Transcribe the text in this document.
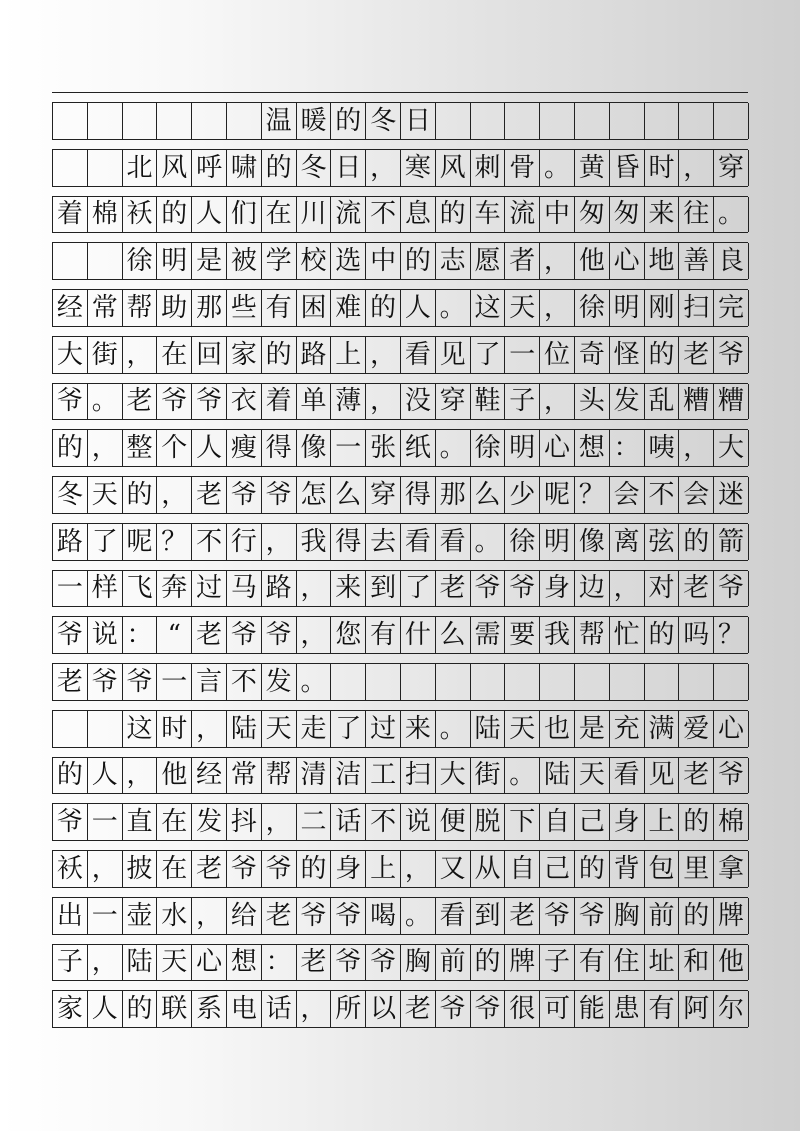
温 暖 的 冬 日
北 风 呼 啸 的 冬 日 ， 寒 风 刺 骨 。 黄 昏 时 ， 穿
着 棉 袄 的 人 们 在 川 流 不 息 的 车 流 中 匆 匆 来 往 。
徐 明 是 被 学 校 选 中 的 志 愿 者 ， 他 心 地 善 良
经 常 帮 助 那 些 有 困 难 的 人 。 这 天 ， 徐 明 刚 扫 完
大 街 ， 在 回 家 的 路 上 ， 看 见 了 一 位 奇 怪 的 老 爷
爷 。 老 爷 爷 衣 着 单 薄 ， 没 穿 鞋 子 ， 头 发 乱 糟 糟
的 ， 整 个 人 瘦 得 像 一 张 纸 。 徐 明 心 想 ： 咦 ， 大
冬 天 的 ， 老 爷 爷 怎 么 穿 得 那 么 少 呢 ？ 会 不 会 迷
路 了 呢 ？ 不 行 ， 我 得 去 看 看 。 徐 明 像 离 弦 的 箭
一 样 飞 奔 过 马 路 ， 来 到 了 老 爷 爷 身 边 ， 对 老 爷
爷 说 ： “ 老 爷 爷 ， 您 有 什 么 需 要 我 帮 忙 的 吗 ？
老 爷 爷 一 言 不 发 。
这 时 ， 陆 天 走 了 过 来 。 陆 天 也 是 充 满 爱 心
的 人 ， 他 经 常 帮 清 洁 工 扫 大 街 。 陆 天 看 见 老 爷
爷 一 直 在 发 抖 ， 二 话 不 说 便 脱 下 自 己 身 上 的 棉
袄 ， 披 在 老 爷 爷 的 身 上 ， 又 从 自 己 的 背 包 里 拿
出 一 壶 水 ， 给 老 爷 爷 喝 。 看 到 老 爷 爷 胸 前 的 牌
子 ， 陆 天 心 想 ： 老 爷 爷 胸 前 的 牌 子 有 住 址 和 他
家 人 的 联 系 电 话 ， 所 以 老 爷 爷 很 可 能 患 有 阿 尔
